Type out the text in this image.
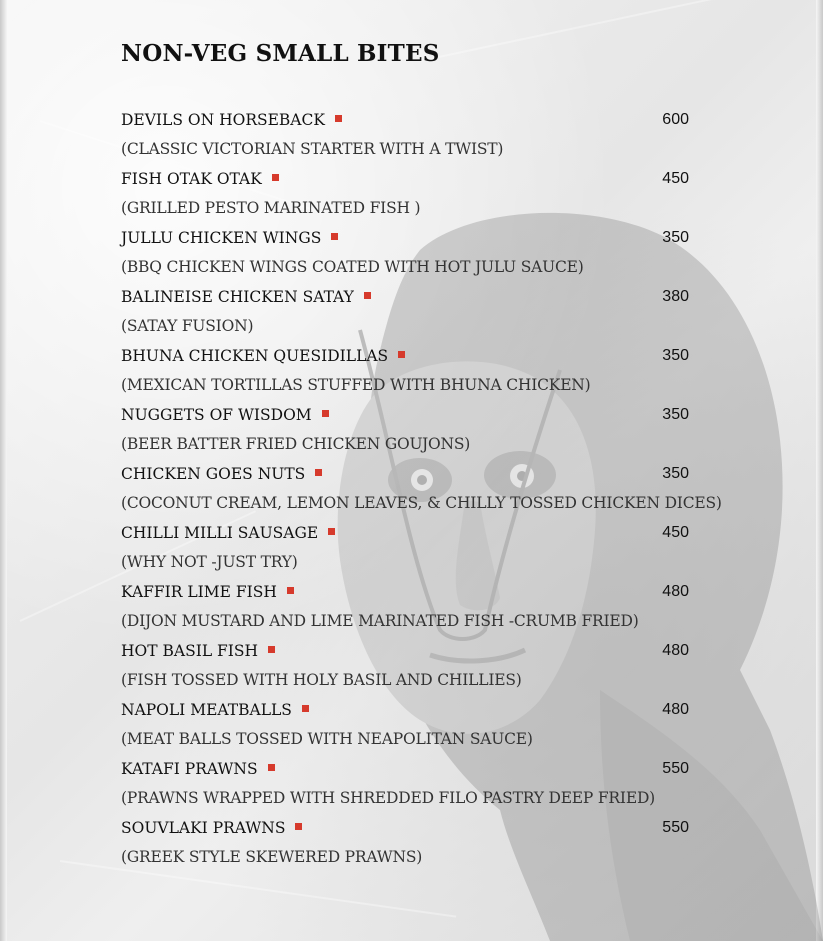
NON-VEG SMALL BITES
DEVILS ON HORSEBACK	600
(CLASSIC VICTORIAN STARTER WITH A TWIST)
FISH OTAK OTAK	450
(GRILLED PESTO MARINATED FISH )
JULLU CHICKEN WINGS	350
(BBQ CHICKEN WINGS COATED WITH HOT JULU SAUCE)
BALINEISE CHICKEN SATAY	380
(SATAY FUSION)
BHUNA CHICKEN QUESIDILLAS	350
(MEXICAN TORTILLAS STUFFED WITH BHUNA CHICKEN)
NUGGETS OF WISDOM	350
(BEER BATTER FRIED CHICKEN GOUJONS)
CHICKEN GOES NUTS	350
(COCONUT CREAM, LEMON LEAVES, & CHILLY TOSSED CHICKEN DICES)
CHILLI MILLI SAUSAGE	450
(WHY NOT -JUST TRY)
KAFFIR LIME FISH	480
(DIJON MUSTARD AND LIME MARINATED FISH -CRUMB FRIED)
HOT BASIL FISH	480
(FISH TOSSED WITH HOLY BASIL AND CHILLIES)
NAPOLI MEATBALLS	480
(MEAT BALLS TOSSED WITH NEAPOLITAN SAUCE)
KATAFI PRAWNS	550
(PRAWNS WRAPPED WITH SHREDDED FILO PASTRY DEEP FRIED)
SOUVLAKI PRAWNS	550
(GREEK STYLE SKEWERED PRAWNS)
